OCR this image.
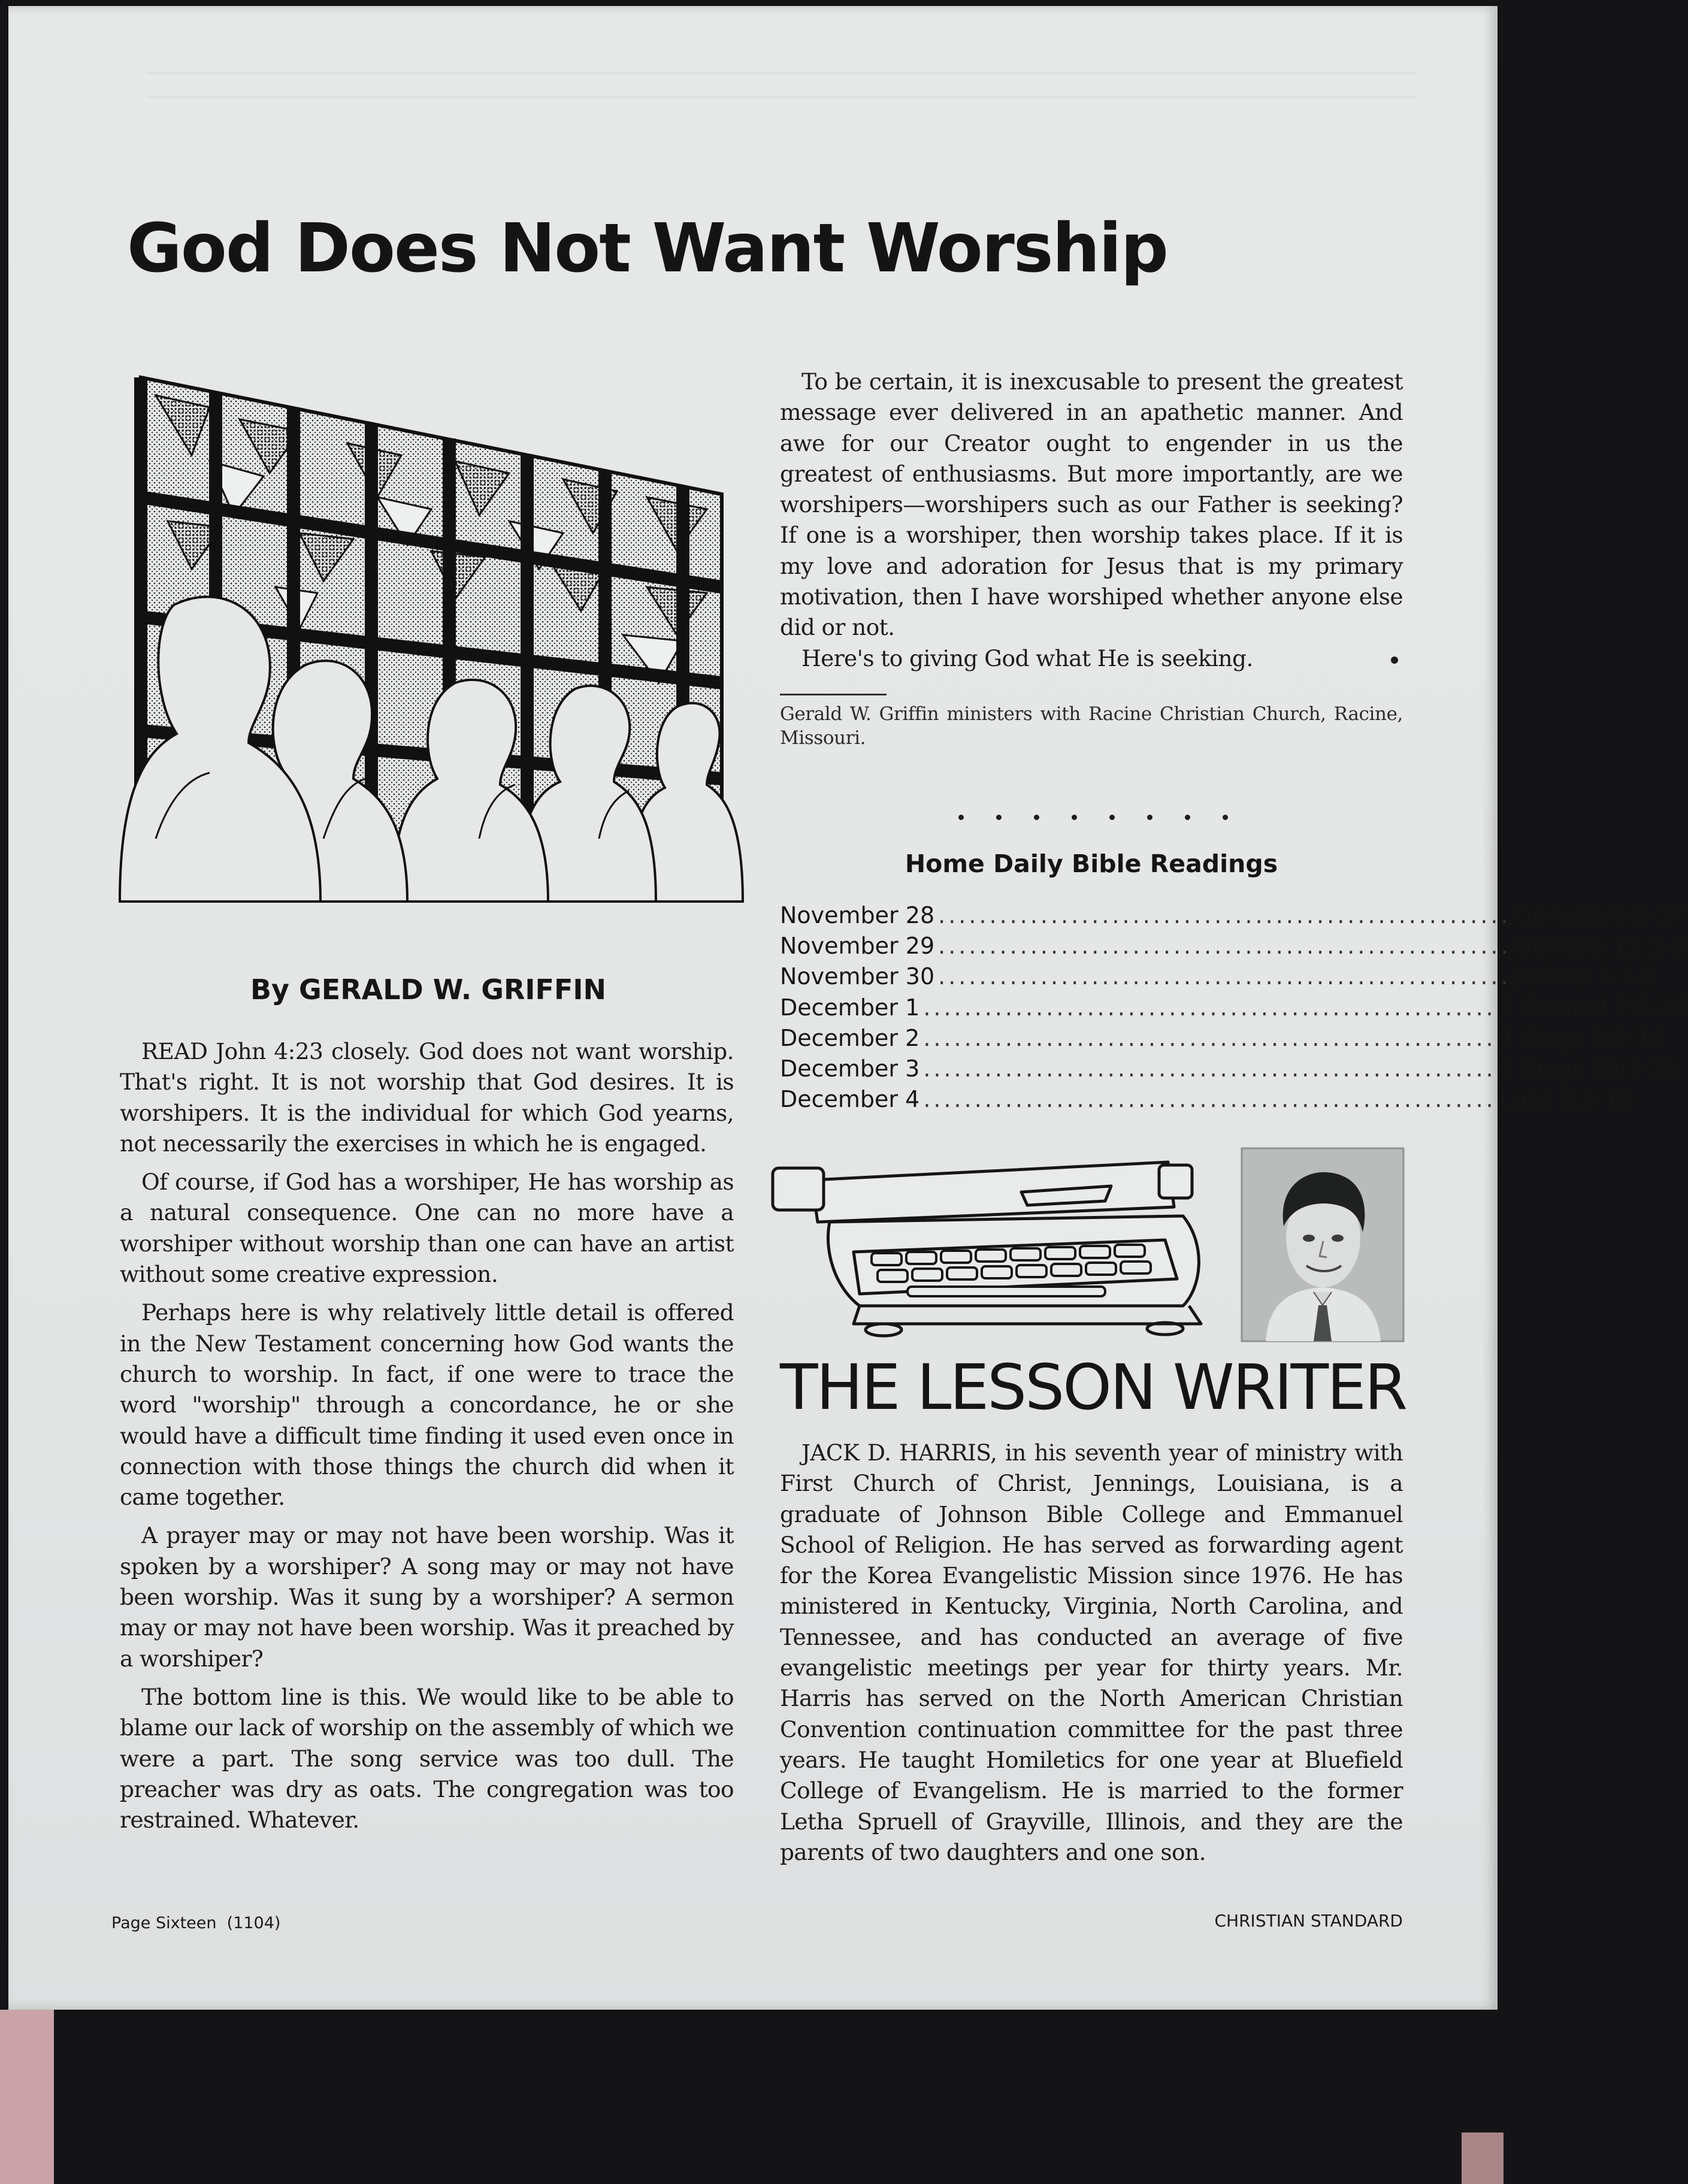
God Does Not Want Worship
By GERALD W. GRIFFIN

READ John 4:23 closely. God does not want worship. That's right. It is not worship that God desires. It is worshipers. It is the individual for which God yearns, not necessarily the exercises in which he is engaged.

Of course, if God has a worshiper, He has worship as a natural consequence. One can no more have a worshiper without worship than one can have an artist without some creative expression.

Perhaps here is why relatively little detail is offered in the New Testament concerning how God wants the church to worship. In fact, if one were to trace the word "worship" through a concordance, he or she would have a difficult time finding it used even once in connection with those things the church did when it came together.

A prayer may or may not have been worship. Was it spoken by a worshiper? A song may or may not have been worship. Was it sung by a worshiper? A sermon may or may not have been worship. Was it preached by a worshiper?

The bottom line is this. We would like to be able to blame our lack of worship on the assembly of which we were a part. The song service was too dull. The preacher was dry as oats. The congregation was too restrained. Whatever.

To be certain, it is inexcusable to present the greatest message ever delivered in an apathetic manner. And awe for our Creator ought to engender in us the greatest of enthusiasms. But more importantly, are we worshipers—worshipers such as our Father is seeking? If one is a worshiper, then worship takes place. If it is my love and adoration for Jesus that is my primary motivation, then I have worshiped whether anyone else did or not.

Here's to giving God what He is seeking.

Gerald W. Griffin ministers with Racine Christian Church, Racine, Missouri.

Home Daily Bible Readings
November 28 ........................................................ Genesis 9:8-17
November 29 ........................................................ Genesis 15:1-6
November 30 ........................................................ Joshua 1:1-9
December 1 ........................................................ 2 Samuel 7:8-16
December 2 ........................................................ 1 Kings 3:5-14
December 3 ........................................................ 2 Kings 20:1-11
December 4 ........................................................ Luke 1:5-19
THE LESSON WRITER

JACK D. HARRIS, in his seventh year of ministry with First Church of Christ, Jennings, Louisiana, is a graduate of Johnson Bible College and Emmanuel School of Religion. He has served as forwarding agent for the Korea Evangelistic Mission since 1976. He has ministered in Kentucky, Virginia, North Carolina, and Tennessee, and has conducted an average of five evangelistic meetings per year for thirty years. Mr. Harris has served on the North American Christian Convention continuation committee for the past three years. He taught Homiletics for one year at Bluefield College of Evangelism. He is married to the former Letha Spruell of Grayville, Illinois, and they are the parents of two daughters and one son.

Page Sixteen (1104)	CHRISTIAN STANDARD
